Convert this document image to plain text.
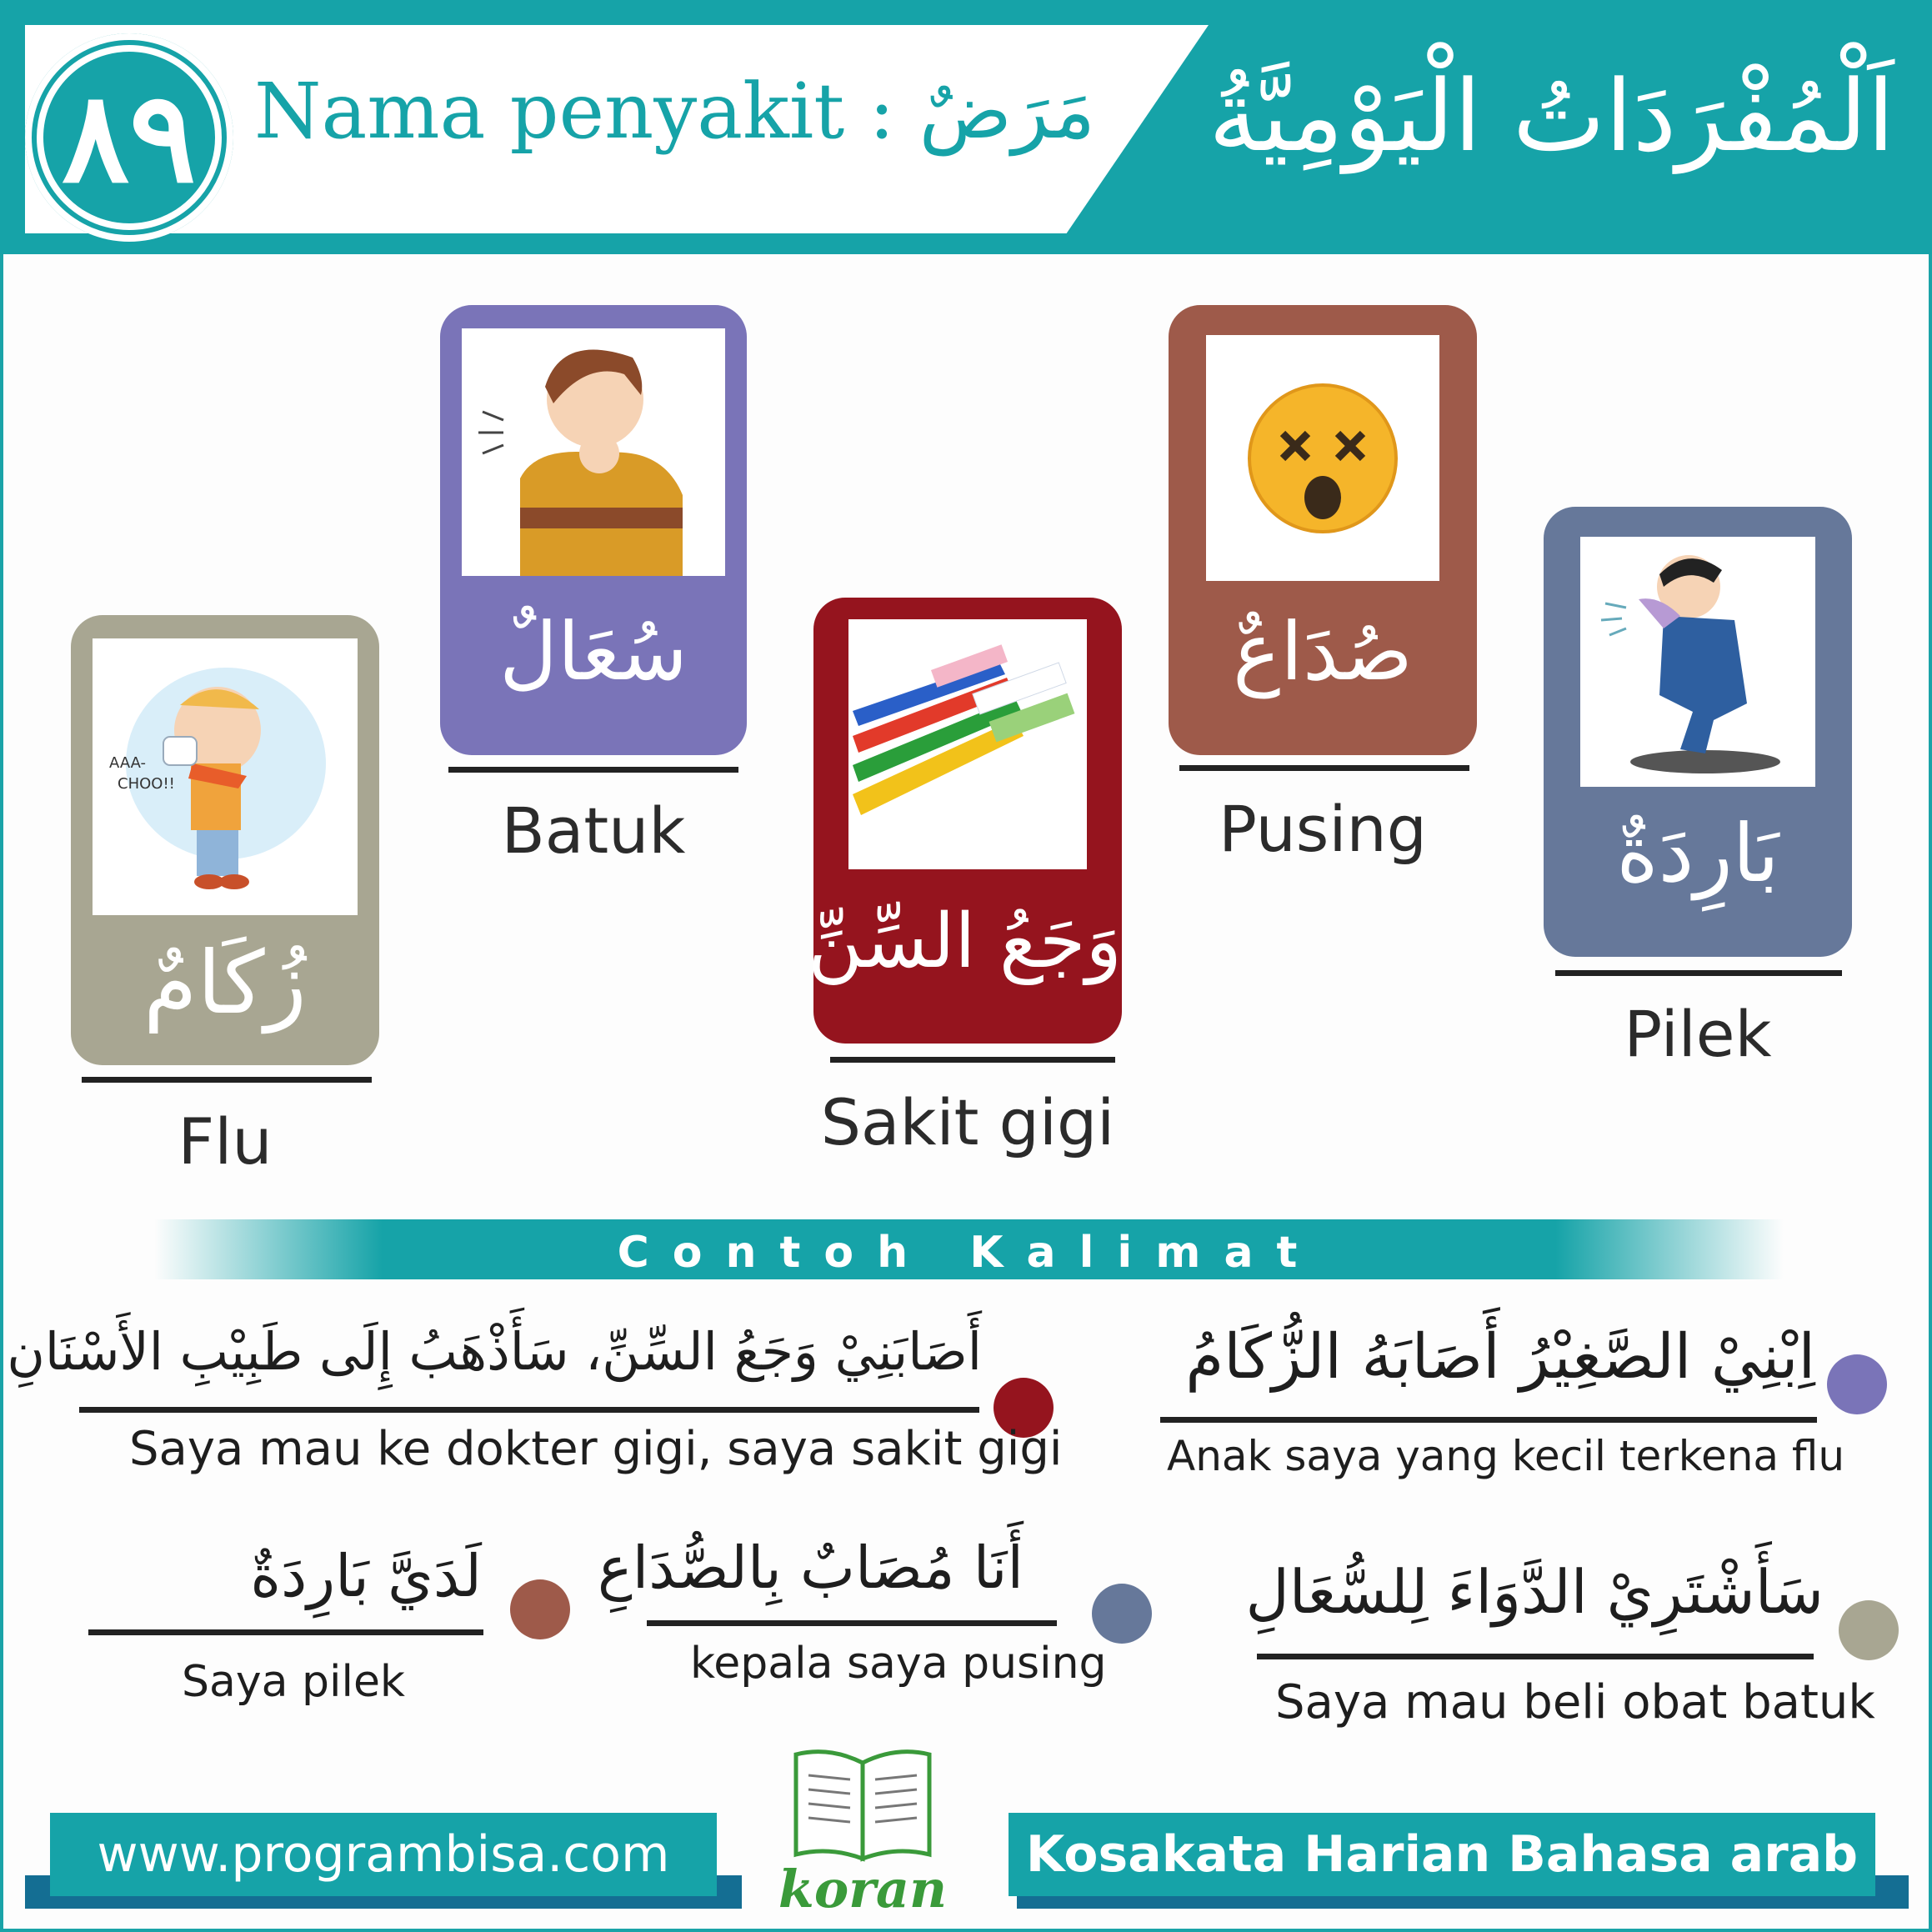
٨٩ Nama penyakit : مَرَضٌ اَلْمُفْرَدَاتُ الْيَوْمِيَّةُ
AAA-
CHOO!!
زُكَامٌ
Flu
سُعَالٌ
Batuk
وَجَعُ السِّنِّ
Sakit gigi
صُدَاعٌ
Pusing	بَارِدَةٌ
Pilek
Contoh Kalimat
اِبْنِيْ الصَّغِيْرُ أَصَابَهُ الزُّكَامُ
Anak saya yang kecil terkena flu
أَصَابَنِيْ وَجَعُ السِّنِّ، سَأَذْهَبُ إِلَى طَبِيْبِ الأَسْنَانِ
Saya mau ke dokter gigi, saya sakit gigi
سَأَشْتَرِيْ الدَّوَاءَ لِلسُّعَالِ
Saya mau beli obat batuk
أَنَا مُصَابٌ بِالصُّدَاعِ
kepala saya pusing
لَدَيَّ بَارِدَةٌ
Saya pilek
www.programbisa.com	Kosakata Harian Bahasa arab
koran
